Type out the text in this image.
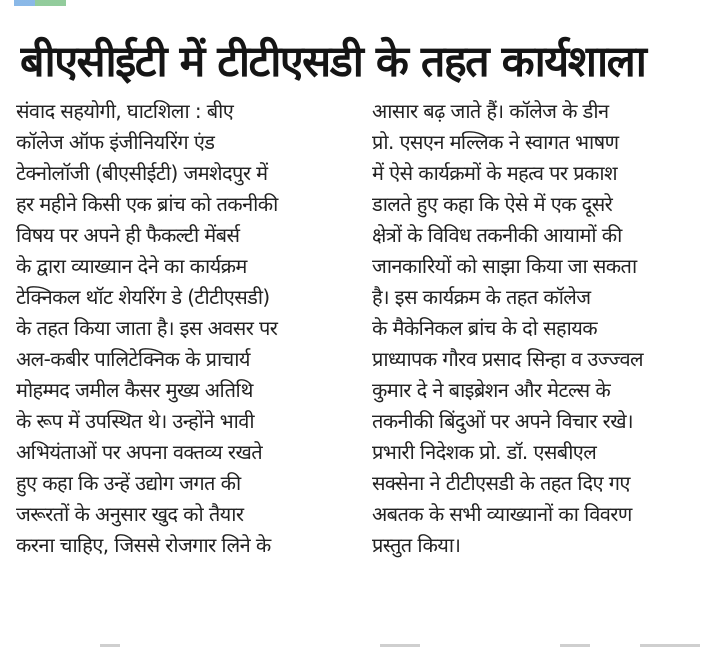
बीएसीईटी में टीटीएसडी के तहत कार्यशाला
संवाद सहयोगी, घाटशिला : बीए
कॉलेज ऑफ इंजीनियरिंग एंड
टेक्नोलॉजी (बीएसीईटी) जमशेदपुर में
हर महीने किसी एक ब्रांच को तकनीकी
विषय पर अपने ही फैकल्टी मेंबर्स
के द्वारा व्याख्यान देने का कार्यक्रम
टेक्निकल थॉट शेयरिंग डे (टीटीएसडी)
के तहत किया जाता है। इस अवसर पर
अल-कबीर पालिटेक्निक के प्राचार्य
मोहम्मद जमील कैसर मुख्य अतिथि
के रूप में उपस्थित थे। उन्होंने भावी
अभियंताओं पर अपना वक्तव्य रखते
हुए कहा कि उन्हें उद्योग जगत की
जरूरतों के अनुसार खुद को तैयार
करना चाहिए, जिससे रोजगार लिने के
आसार बढ़ जाते हैं। कॉलेज के डीन
प्रो. एसएन मल्लिक ने स्वागत भाषण
में ऐसे कार्यक्रमों के महत्व पर प्रकाश
डालते हुए कहा कि ऐसे में एक दूसरे
क्षेत्रों के विविध तकनीकी आयामों की
जानकारियों को साझा किया जा सकता
है। इस कार्यक्रम के तहत कॉलेज
के मैकेनिकल ब्रांच के दो सहायक
प्राध्यापक गौरव प्रसाद सिन्हा व उज्ज्वल
कुमार दे ने बाइब्रेशन और मेटल्स के
तकनीकी बिंदुओं पर अपने विचार रखे।
प्रभारी निदेशक प्रो. डॉ. एसबीएल
सक्सेना ने टीटीएसडी के तहत दिए गए
अबतक के सभी व्याख्यानों का विवरण
प्रस्तुत किया।
